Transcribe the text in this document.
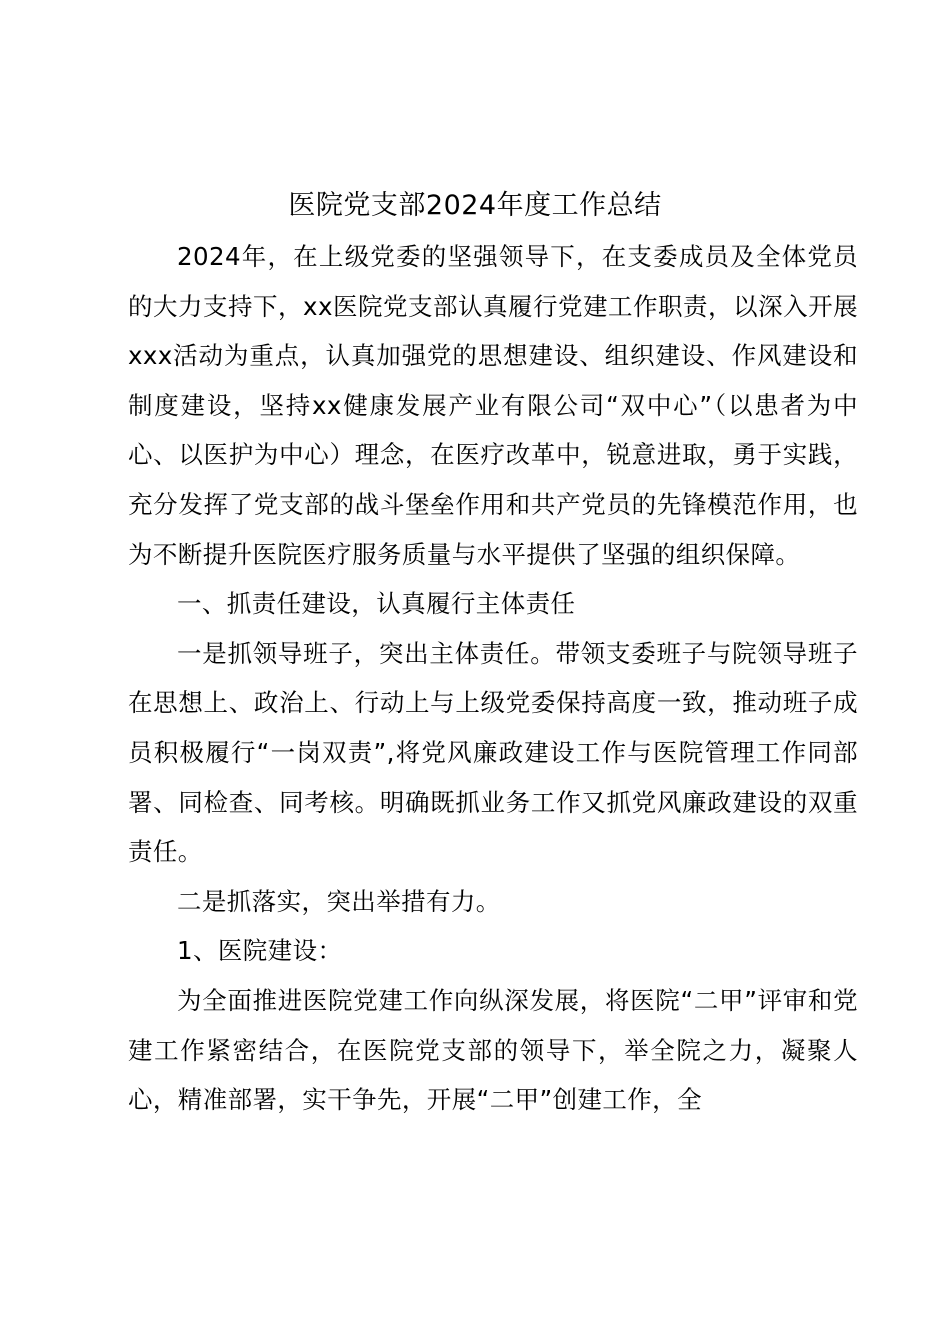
医院党支部2024年度工作总结

2024年，在上级党委的坚强领导下，在支委成员及全体党员的大力支持下，xx医院党支部认真履行党建工作职责，以深入开展xxx活动为重点，认真加强党的思想建设、组织建设、作风建设和制度建设，坚持xx健康发展产业有限公司“双中心”（以患者为中心、以医护为中心）理念，在医疗改革中，锐意进取，勇于实践，充分发挥了党支部的战斗堡垒作用和共产党员的先锋模范作用，也为不断提升医院医疗服务质量与水平提供了坚强的组织保障。

一、抓责任建设，认真履行主体责任

一是抓领导班子，突出主体责任。带领支委班子与院领导班子在思想上、政治上、行动上与上级党委保持高度一致，推动班子成员积极履行“一岗双责”,将党风廉政建设工作与医院管理工作同部署、同检查、同考核。明确既抓业务工作又抓党风廉政建设的双重责任。

二是抓落实，突出举措有力。

1、医院建设：

为全面推进医院党建工作向纵深发展，将医院“二甲”评审和党建工作紧密结合，在医院党支部的领导下，举全院之力，凝聚人心，精准部署，实干争先，开展“二甲”创建工作，全
